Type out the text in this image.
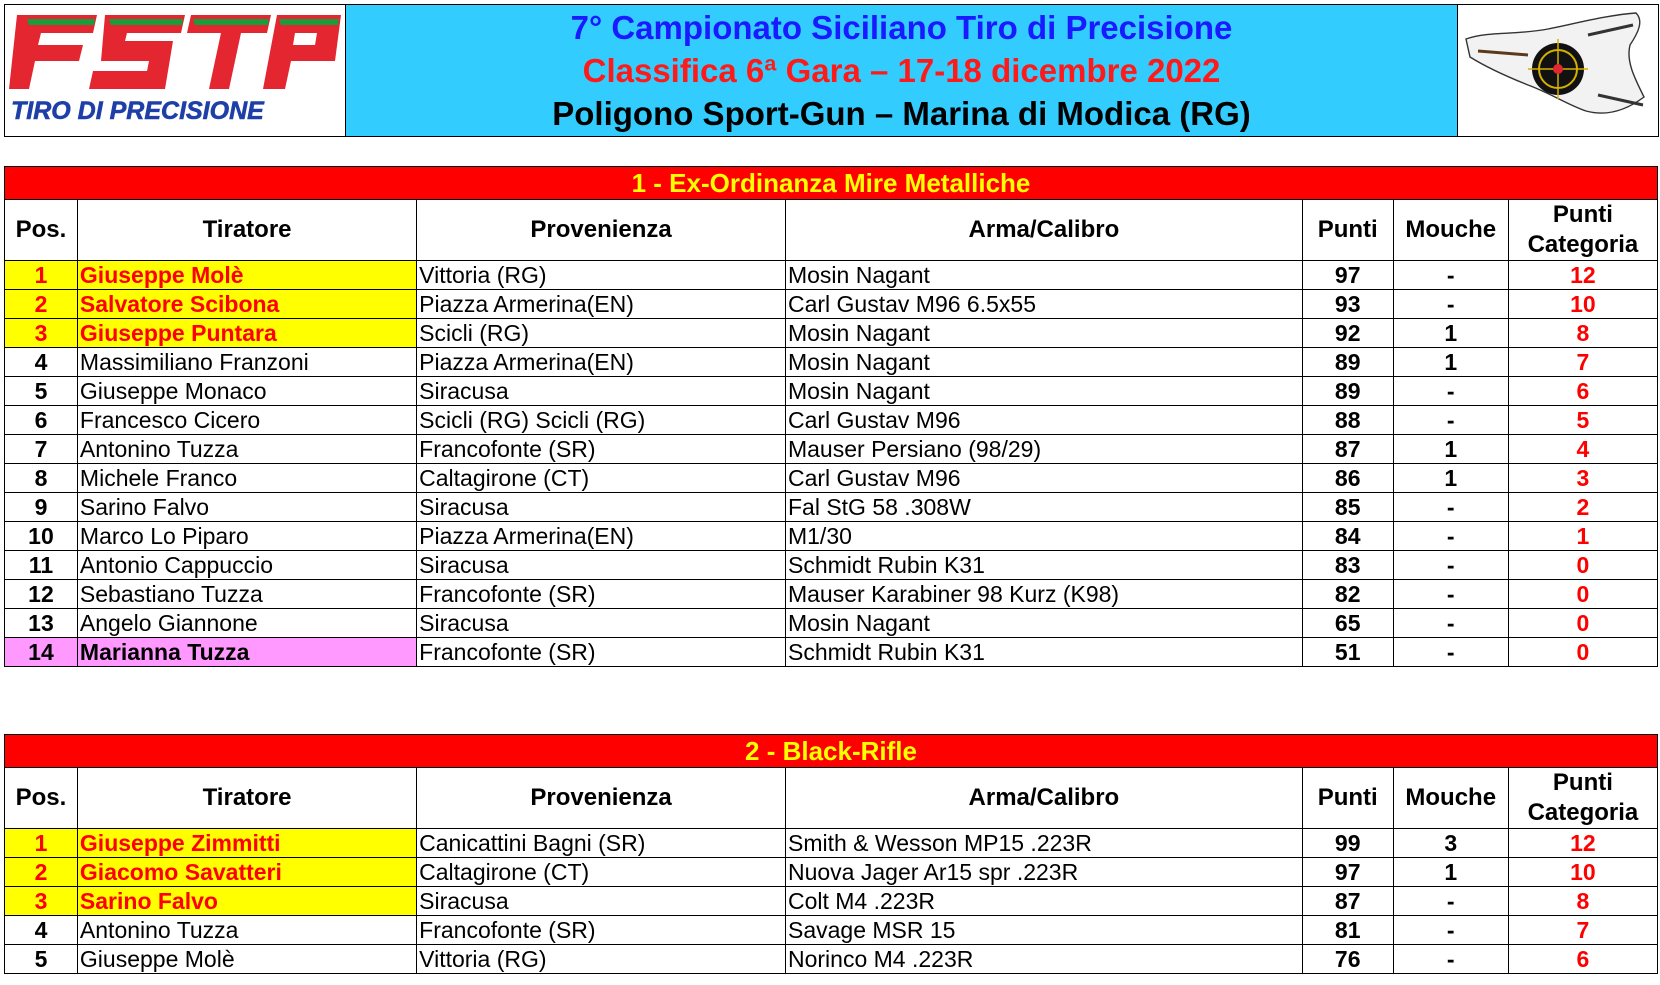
TIRO DI PRECISIONE
7° Campionato Siciliano Tiro di Precisione
Classifica 6ª Gara – 17-18 dicembre 2022
Poligono Sport-Gun – Marina di Modica (RG)
1 - Ex-Ordinanza Mire Metalliche						
Pos.	Tiratore	Provenienza	Arma/Calibro	Punti	Mouche	Punti Categoria
1	Giuseppe Molè	Vittoria (RG)	Mosin Nagant	97	-	12
2	Salvatore Scibona	Piazza Armerina(EN)	Carl Gustav M96 6.5x55	93	-	10
3	Giuseppe Puntara	Scicli (RG)	Mosin Nagant	92	1	8
4	Massimiliano Franzoni	Piazza Armerina(EN)	Mosin Nagant	89	1	7
5	Giuseppe Monaco	Siracusa	Mosin Nagant	89	-	6
6	Francesco Cicero	Scicli (RG) Scicli (RG)	Carl Gustav M96	88	-	5
7	Antonino Tuzza	Francofonte (SR)	Mauser Persiano (98/29)	87	1	4
8	Michele Franco	Caltagirone (CT)	Carl Gustav M96	86	1	3
9	Sarino Falvo	Siracusa	Fal StG 58 .308W	85	-	2
10	Marco Lo Piparo	Piazza Armerina(EN)	M1/30	84	-	1
11	Antonio Cappuccio	Siracusa	Schmidt Rubin K31	83	-	0
12	Sebastiano Tuzza	Francofonte (SR)	Mauser Karabiner 98 Kurz (K98)	82	-	0
13	Angelo Giannone	Siracusa	Mosin Nagant	65	-	0
14	Marianna Tuzza	Francofonte (SR)	Schmidt Rubin K31	51	-	0
2 - Black-Rifle						
Pos.	Tiratore	Provenienza	Arma/Calibro	Punti	Mouche	Punti Categoria
1	Giuseppe Zimmitti	Canicattini Bagni (SR)	Smith & Wesson MP15 .223R	99	3	12
2	Giacomo Savatteri	Caltagirone (CT)	Nuova Jager Ar15 spr .223R	97	1	10
3	Sarino Falvo	Siracusa	Colt M4 .223R	87	-	8
4	Antonino Tuzza	Francofonte (SR)	Savage MSR 15	81	-	7
5	Giuseppe Molè	Vittoria (RG)	Norinco M4 .223R	76	-	6
